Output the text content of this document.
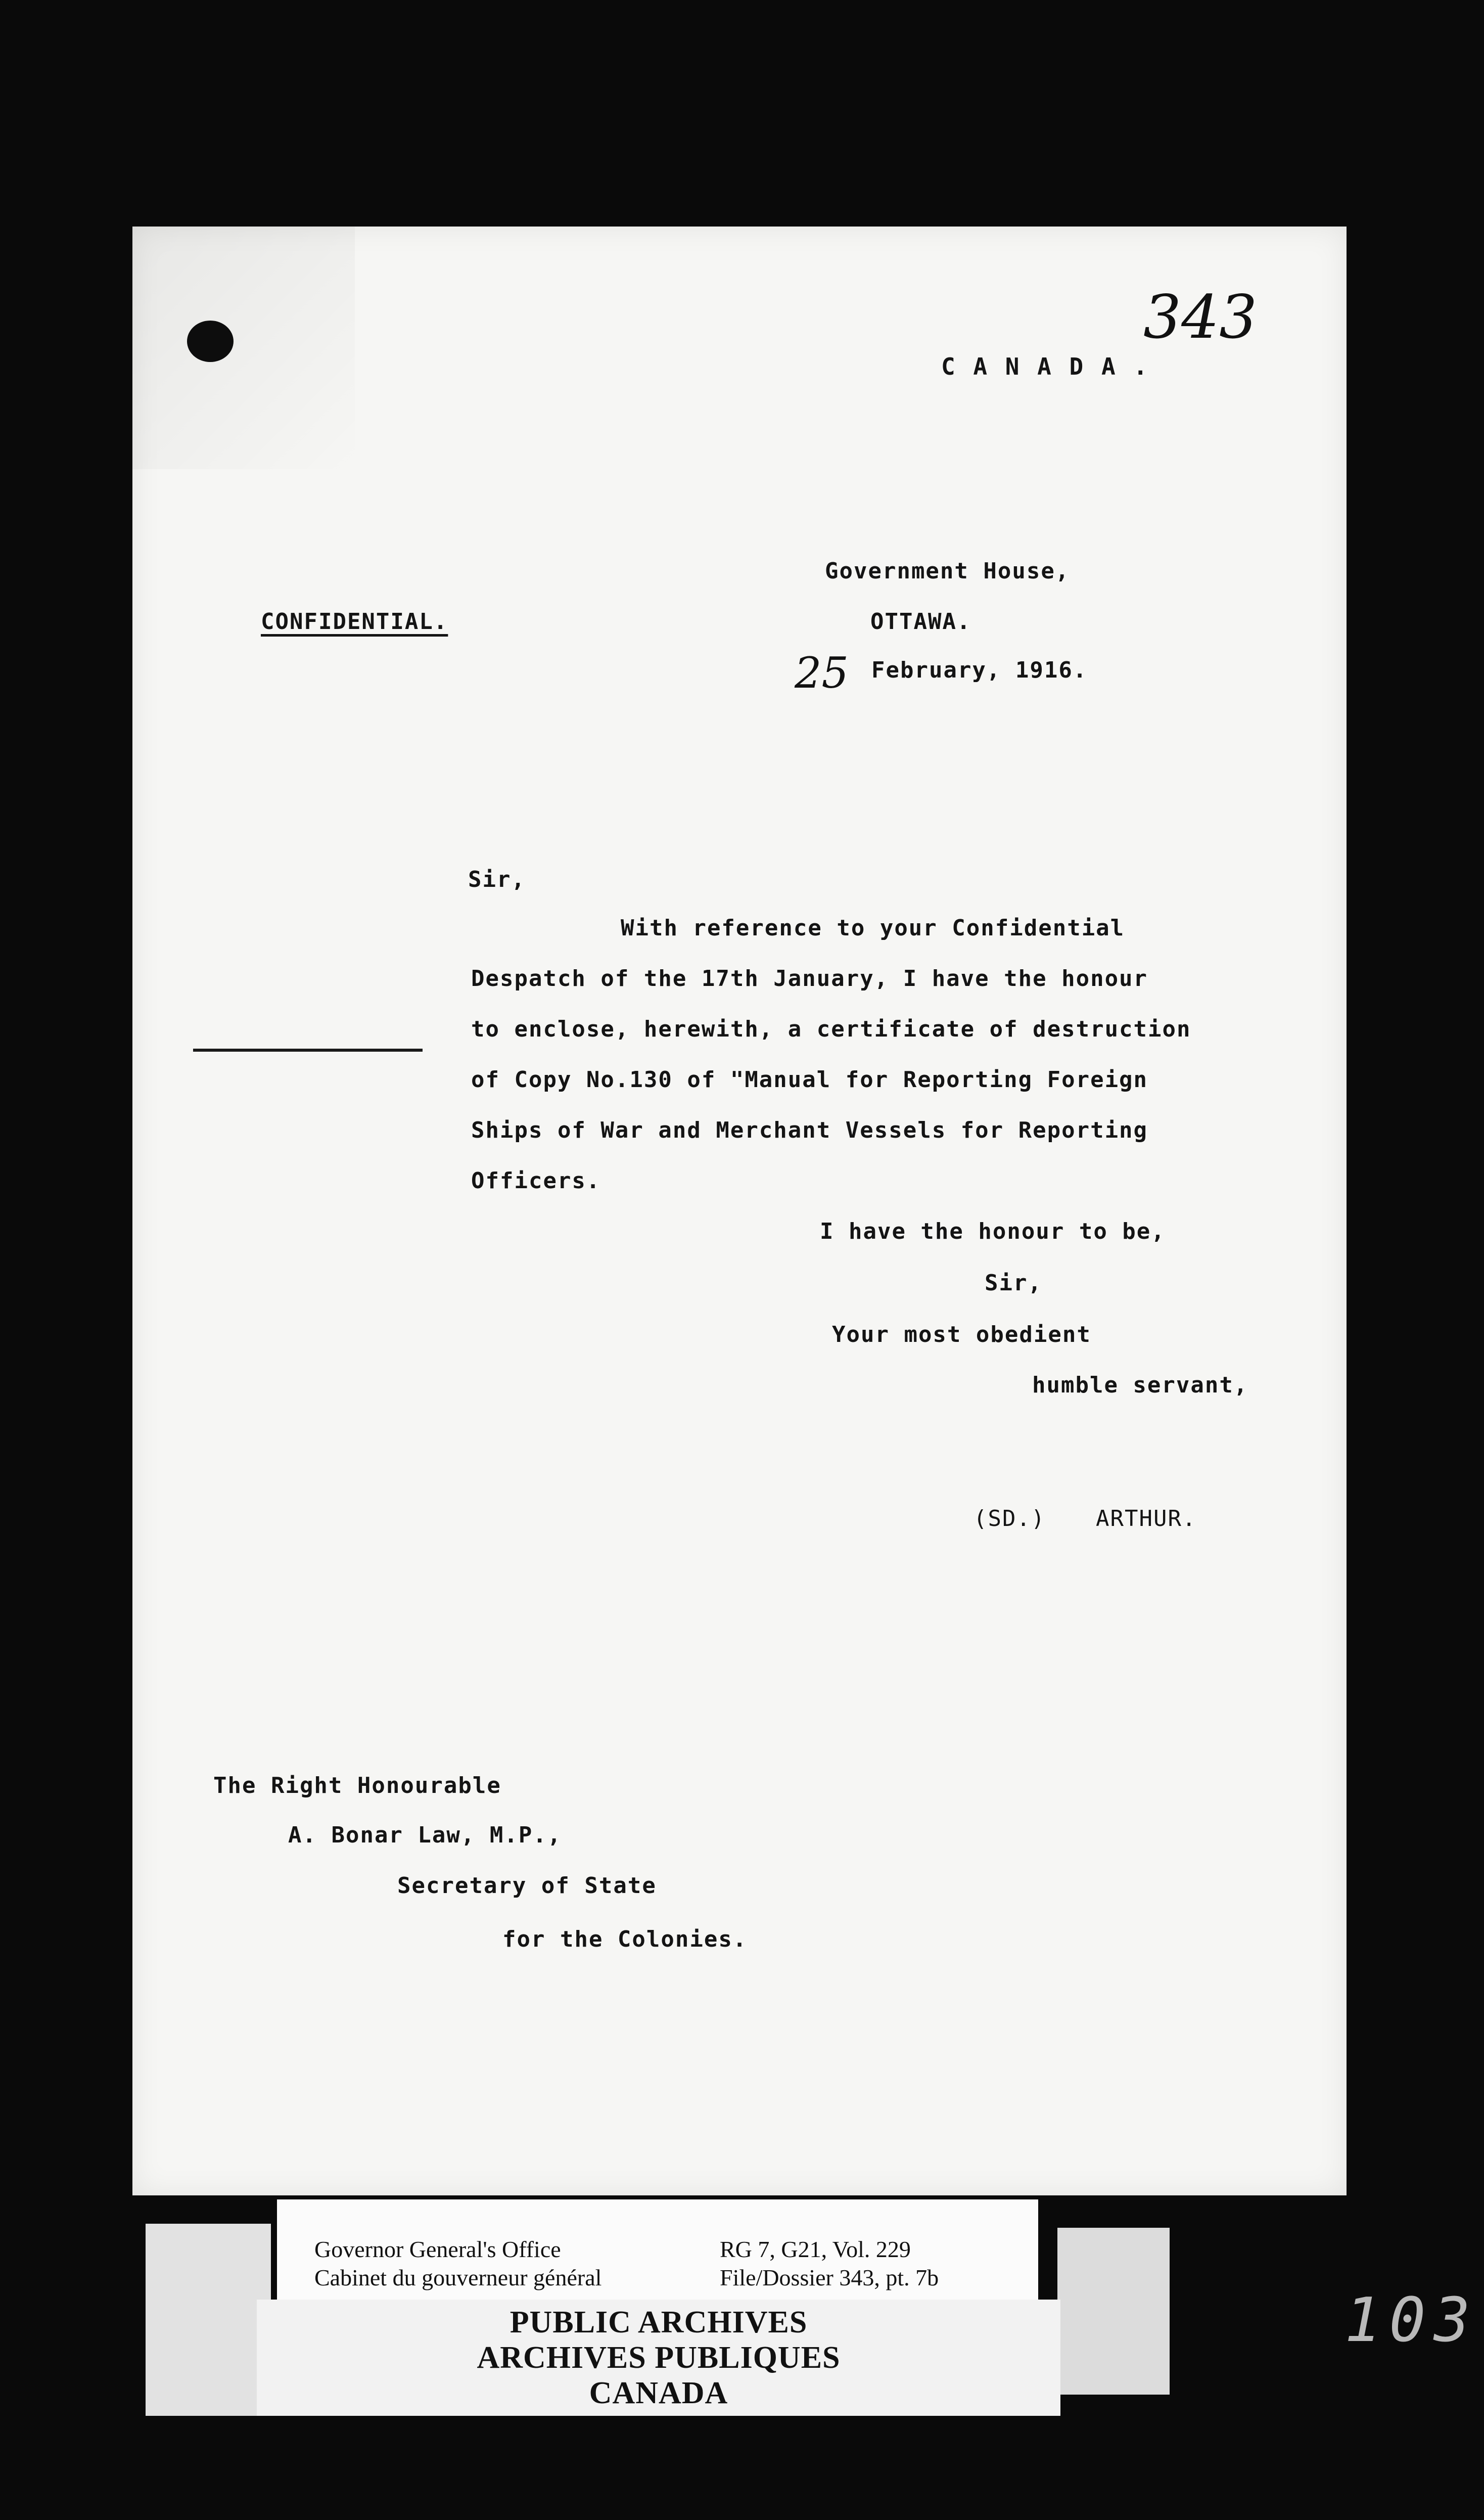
343
C A N A D A .
Government House,
CONFIDENTIAL.	OTTAWA.
25 February, 1916.
Sir,
With reference to your Confidential
Despatch of the 17th January, I have the honour
to enclose, herewith, a certificate of destruction
of Copy No.130 of "Manual for Reporting Foreign
Ships of War and Merchant Vessels for Reporting
Officers.
I have the honour to be,
Sir,
Your most obedient
humble servant,
(SD.) ARTHUR.
The Right Honourable
A. Bonar Law, M.P.,
Secretary of State
for the Colonies.
Governor General's Office
Cabinet du gouverneur général
RG 7, G21, Vol. 229
File/Dossier 343, pt. 7b
PUBLIC ARCHIVES
ARCHIVES PUBLIQUES
CANADA
103
